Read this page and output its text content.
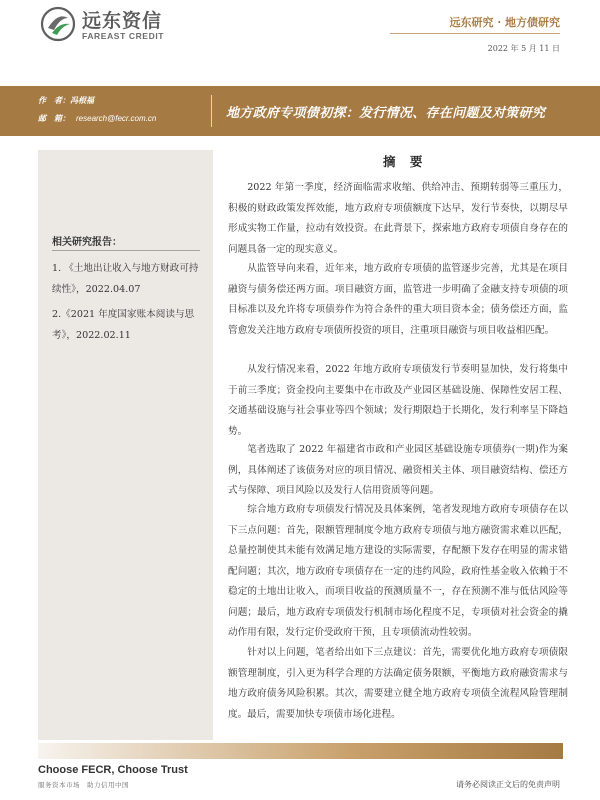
远东资信
FAREAST CREDIT
远东研究 · 地方债研究
2022 年 5 月 11 日
作　者：冯根福
邮　箱： research@fecr.com.cn	地方政府专项债初探：发行情况、存在问题及对策研究
相关研究报告：
1. 《土地出让收入与地方财政可持续性》，2022.04.07
2.《2021 年度国家账本阅读与思考》，2022.02.11
摘 要

2022 年第一季度，经济面临需求收缩、供给冲击、预期转弱等三重压力，积极的财政政策发挥效能，地方政府专项债额度下达早，发行节奏快，以期尽早形成实物工作量，拉动有效投资。在此背景下，探索地方政府专项债自身存在的问题具备一定的现实意义。

从监管导向来看，近年来，地方政府专项债的监管逐步完善，尤其是在项目融资与债务偿还两方面。项目融资方面，监管进一步明确了金融支持专项债的项目标准以及允许将专项债券作为符合条件的重大项目资本金；债务偿还方面，监管愈发关注地方政府专项债所投资的项目，注重项目融资与项目收益相匹配。

从发行情况来看，2022 年地方政府专项债发行节奏明显加快，发行将集中于前三季度；资金投向主要集中在市政及产业园区基础设施、保障性安居工程、交通基础设施与社会事业等四个领域；发行期限趋于长期化，发行利率呈下降趋势。

笔者选取了 2022 年福建省市政和产业园区基础设施专项债券(一期)作为案例，具体阐述了该债务对应的项目情况、融资相关主体、项目融资结构、偿还方式与保障、项目风险以及发行人信用资质等问题。

综合地方政府专项债发行情况及具体案例，笔者发现地方政府专项债存在以下三点问题：首先，限额管理制度令地方政府专项债与地方融资需求难以匹配，总量控制使其未能有效满足地方建设的实际需要，存配额下发存在明显的需求错配问题；其次，地方政府专项债存在一定的违约风险，政府性基金收入依赖于不稳定的土地出让收入，而项目收益的预测质量不一，存在预测不准与低估风险等问题；最后，地方政府专项债发行机制市场化程度不足，专项债对社会资金的撬动作用有限，发行定价受政府干预，且专项债流动性较弱。

针对以上问题，笔者给出如下三点建议：首先，需要优化地方政府专项债限额管理制度，引入更为科学合理的方法确定债务限额，平衡地方政府融资需求与地方政府债务风险积累。其次，需要建立健全地方政府专项债全流程风险管理制度。最后，需要加快专项债市场化进程。

Choose FECR, Choose Trust
服务资本市场　助力信用中国	请务必阅读正文后的免责声明
